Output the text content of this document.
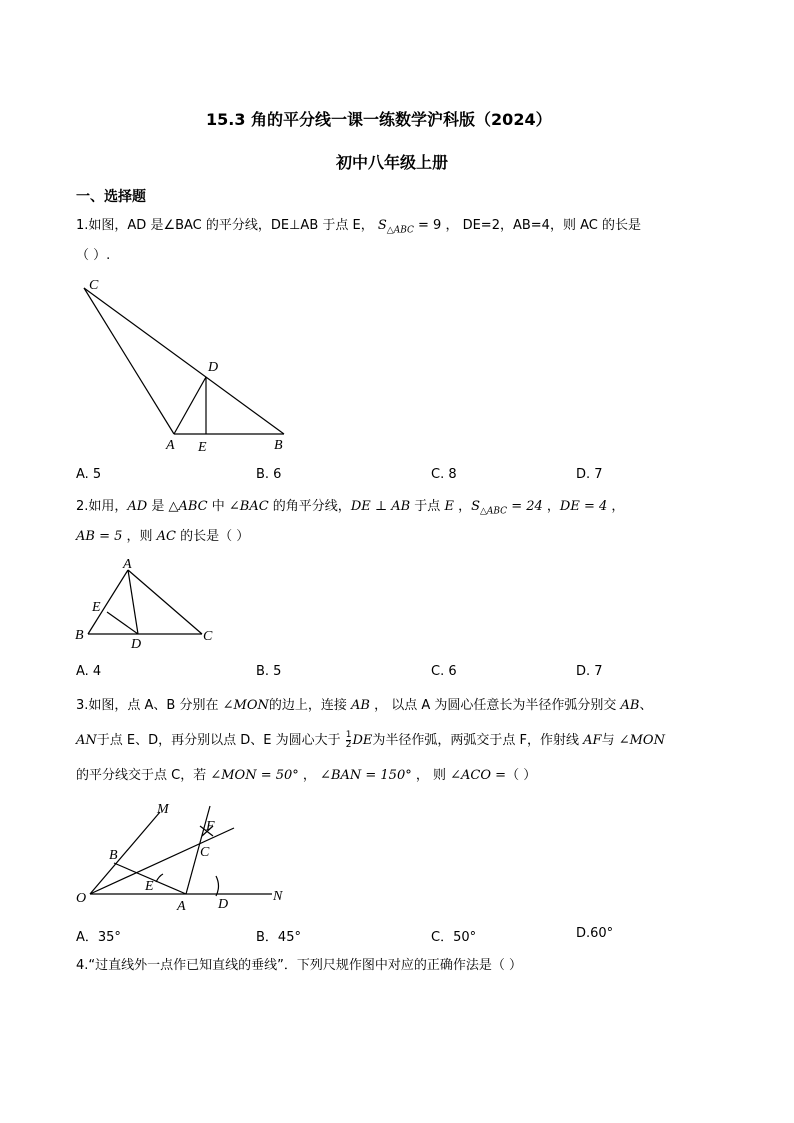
15.3 角的平分线一课一练数学沪科版（2024）
初中八年级上册
一、选择题
1.如图，AD 是∠BAC 的平分线，DE⊥AB 于点 E， $S_{\triangle ABC} = 9$ ， DE=2，AB=4，则 AC 的长是
（ ）.
C
D
A E	B
A. 5	B. 6	C. 8	D. 7
2.如用，AD 是 △ABC 中 ∠BAC 的角平分线，DE ⊥ AB 于点 E ，$S_{\triangle ABC} = 24$ ，DE = 4 ，
AB = 5 ，则 AC 的长是（ ）
A
E
B
D
C
A. 4	B. 5	C. 6	D. 7
3.如图，点 A、B 分别在 ∠MON的边上，连接 AB ， 以点 A 为圆心任意长为半径作弧分别交 AB、
AN于点 E、D，再分别以点 D、E 为圆心大于 $\frac{1}{2}$ DE为半径作弧，两弧交于点 F，作射线 AF与 ∠MON
的平分线交于点 C，若 ∠MON = 50° ， ∠BAN = 150° ， 则 ∠ACO =（ ）
M
F
C
B
E
O
A D
N
A．35°	B．45°	C．50°	D.60°
4.“过直线外一点作已知直线的垂线”．下列尺规作图中对应的正确作法是（ ）
